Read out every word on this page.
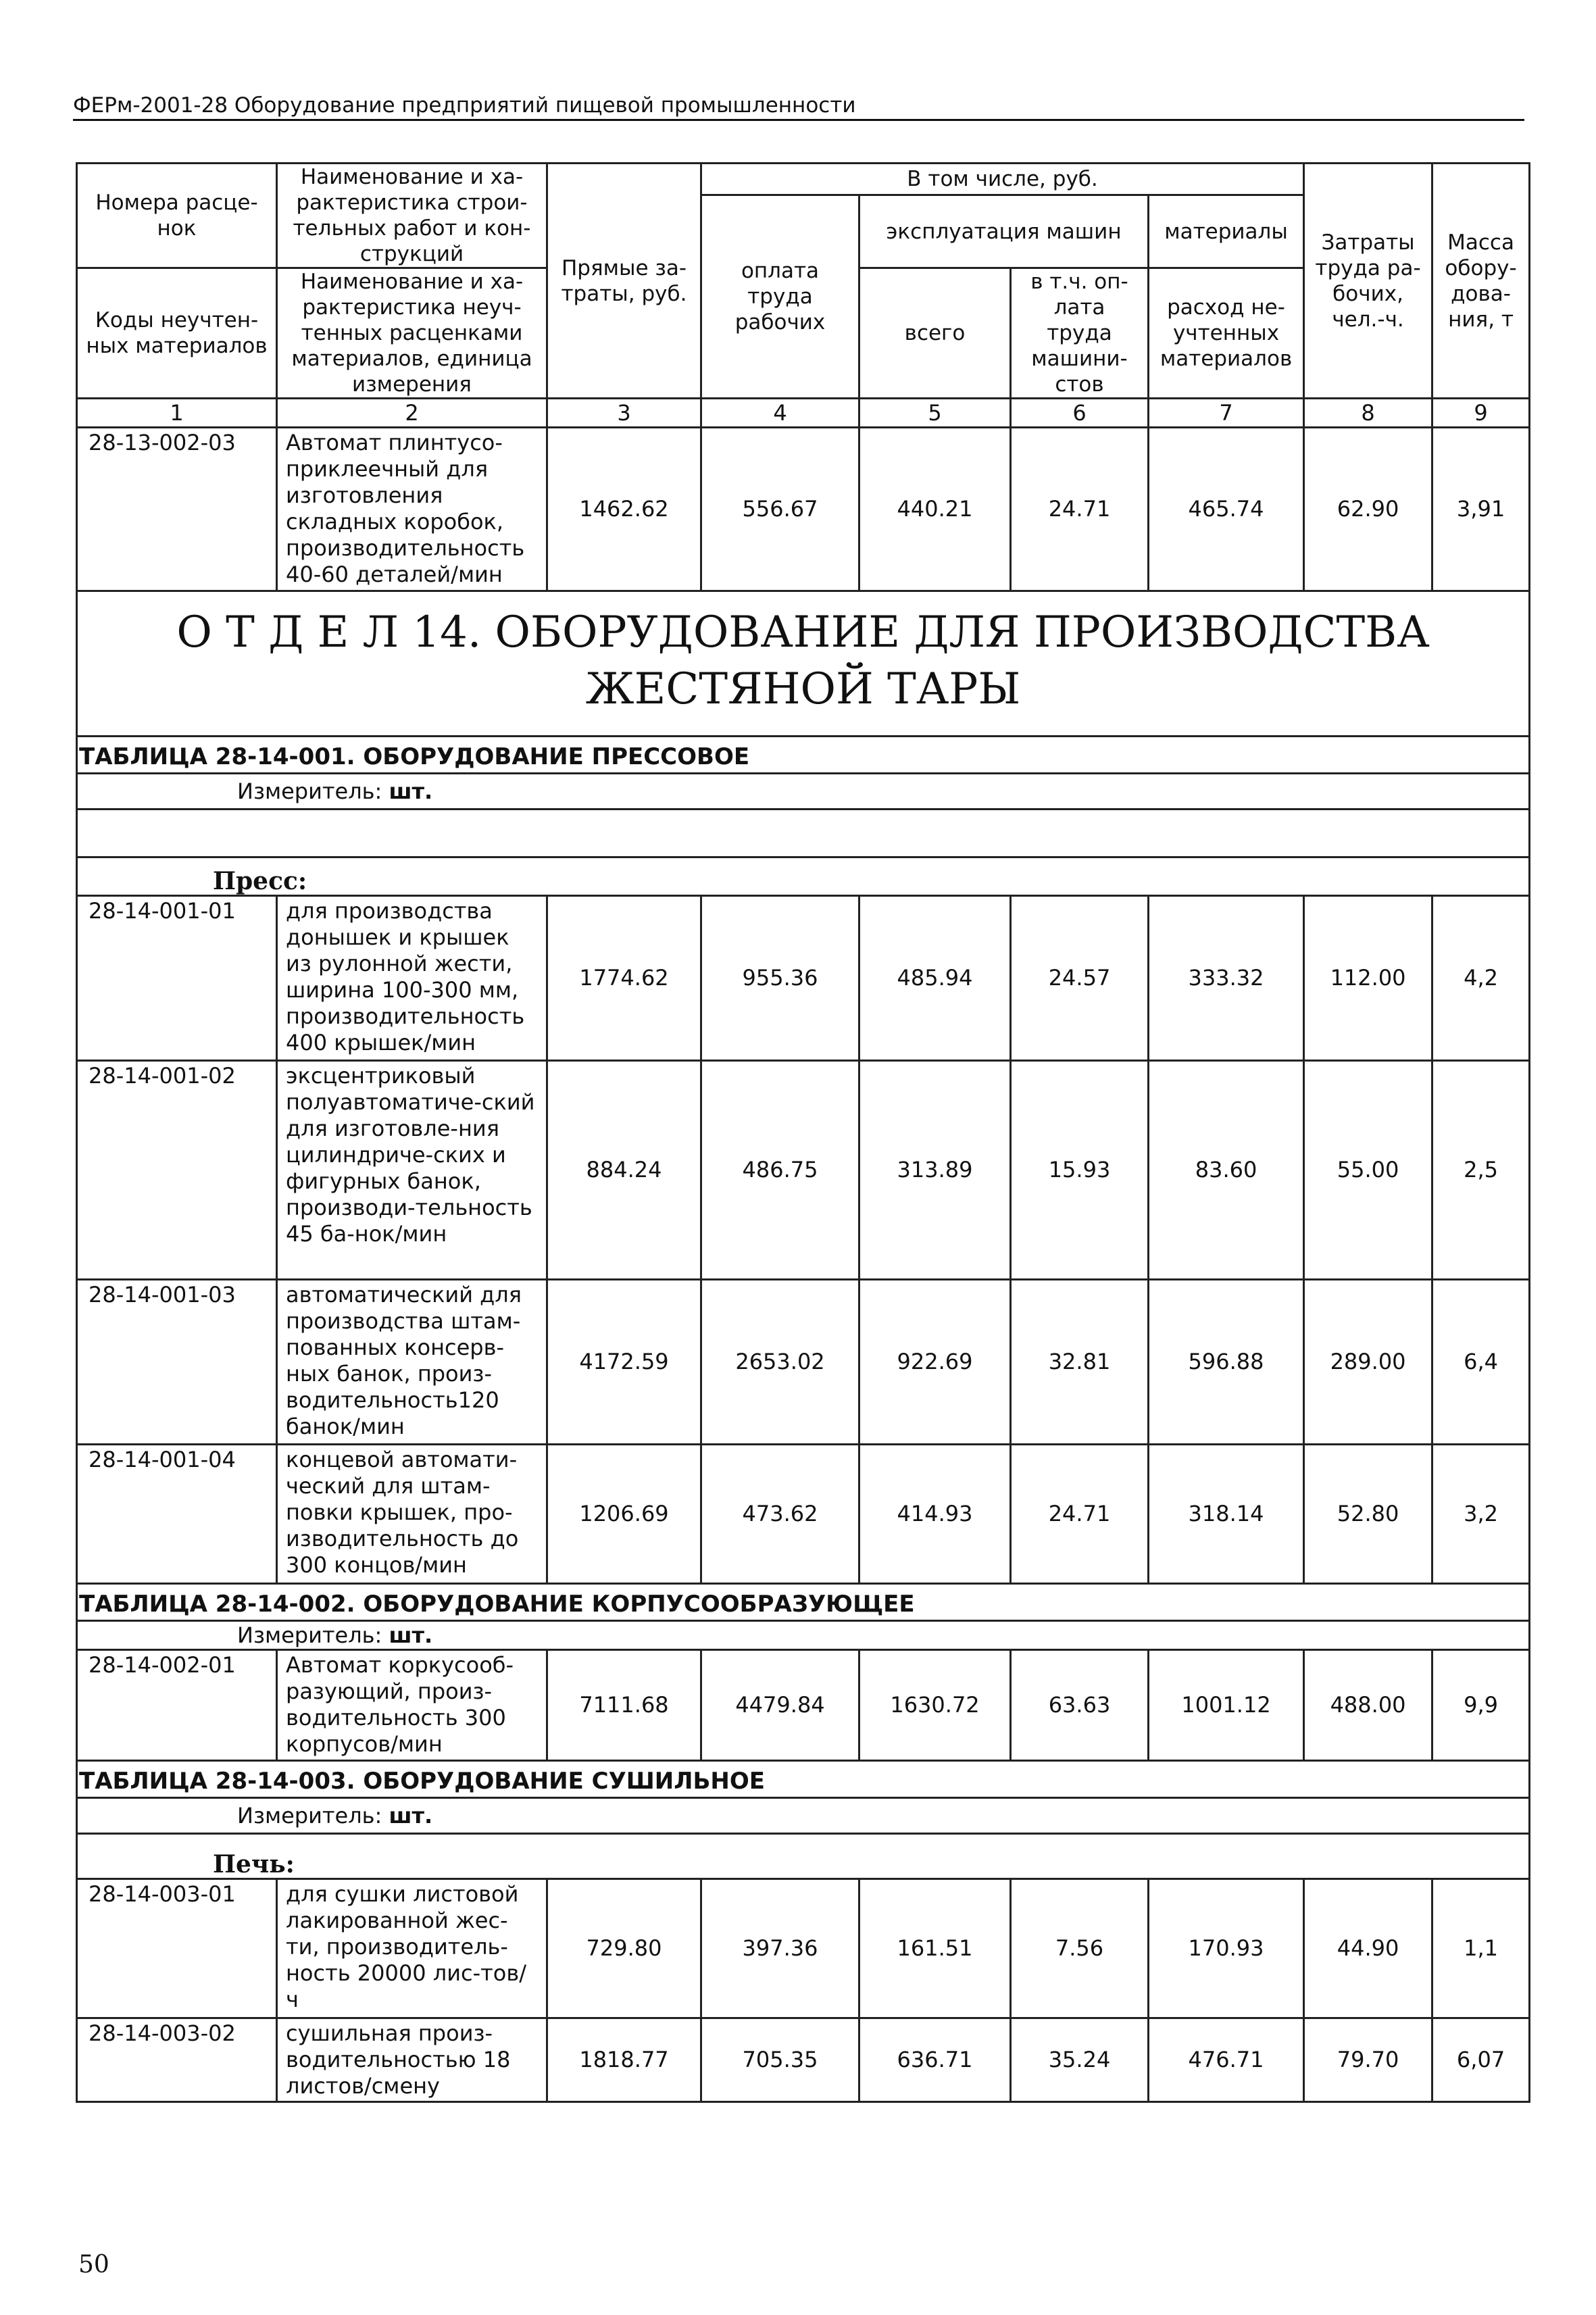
ФЕРм-2001-28 Оборудование предприятий пищевой промышленности
Номера расце-нок	Наименование и ха-рактеристика строи-тельных работ и кон-струкций	Прямые за-траты, руб.	В том числе, руб.				Затраты труда ра-бочих, чел.-ч.	Масса обору-дова-ния, т
			оплата труда рабочих	эксплуатация машин		материалы		
Коды неучтен-ных материалов	Наименование и ха-рактеристика неуч-тенных расценками материалов, единица измерения							
				всего	в т.ч. оп-лата труда машини-стов	расход не-учтенных материалов		
1	2	3	4	5	6	7	8	9
28-13-002-03	Автомат плинтусо-приклеечный для изготовления складных коробок, производительность 40-60 деталей/мин	1462.62	556.67	440.21	24.71	465.74	62.90	3,91
О Т Д Е Л 14. ОБОРУДОВАНИЕ ДЛЯ ПРОИЗВОДСТВА ЖЕСТЯНОЙ ТАРЫ								
ТАБЛИЦА 28-14-001. ОБОРУДОВАНИЕ ПРЕССОВОЕ								
Измеритель: шт.								

Пресс:								
28-14-001-01	для производства донышек и крышек из рулонной жести, ширина 100-300 мм, производительность 400 крышек/мин	1774.62	955.36	485.94	24.57	333.32	112.00	4,2
28-14-001-02	эксцентриковый полуавтоматиче-ский для изготовле-ния цилиндриче-ских и фигурных банок, производи-тельность 45 ба-нок/мин	884.24	486.75	313.89	15.93	83.60	55.00	2,5
28-14-001-03	автоматический для производства штам-пованных консерв-ных банок, произ-водительность120 банок/мин	4172.59	2653.02	922.69	32.81	596.88	289.00	6,4
28-14-001-04	концевой автомати-ческий для штам-повки крышек, про-изводительность до 300 концов/мин	1206.69	473.62	414.93	24.71	318.14	52.80	3,2
ТАБЛИЦА 28-14-002. ОБОРУДОВАНИЕ КОРПУСООБРАЗУЮЩЕЕ								
Измеритель: шт.								
28-14-002-01	Автомат коркусооб-разующий, произ-водительность 300 корпусов/мин	7111.68	4479.84	1630.72	63.63	1001.12	488.00	9,9
ТАБЛИЦА 28-14-003. ОБОРУДОВАНИЕ СУШИЛЬНОЕ								
Измеритель: шт.								
Печь:								
28-14-003-01	для сушки листовой лакированной жес-ти, производитель-ность 20000 лис-тов/ч	729.80	397.36	161.51	7.56	170.93	44.90	1,1
28-14-003-02	сушильная произ-водительностью 18 листов/смену	1818.77	705.35	636.71	35.24	476.71	79.70	6,07
50
